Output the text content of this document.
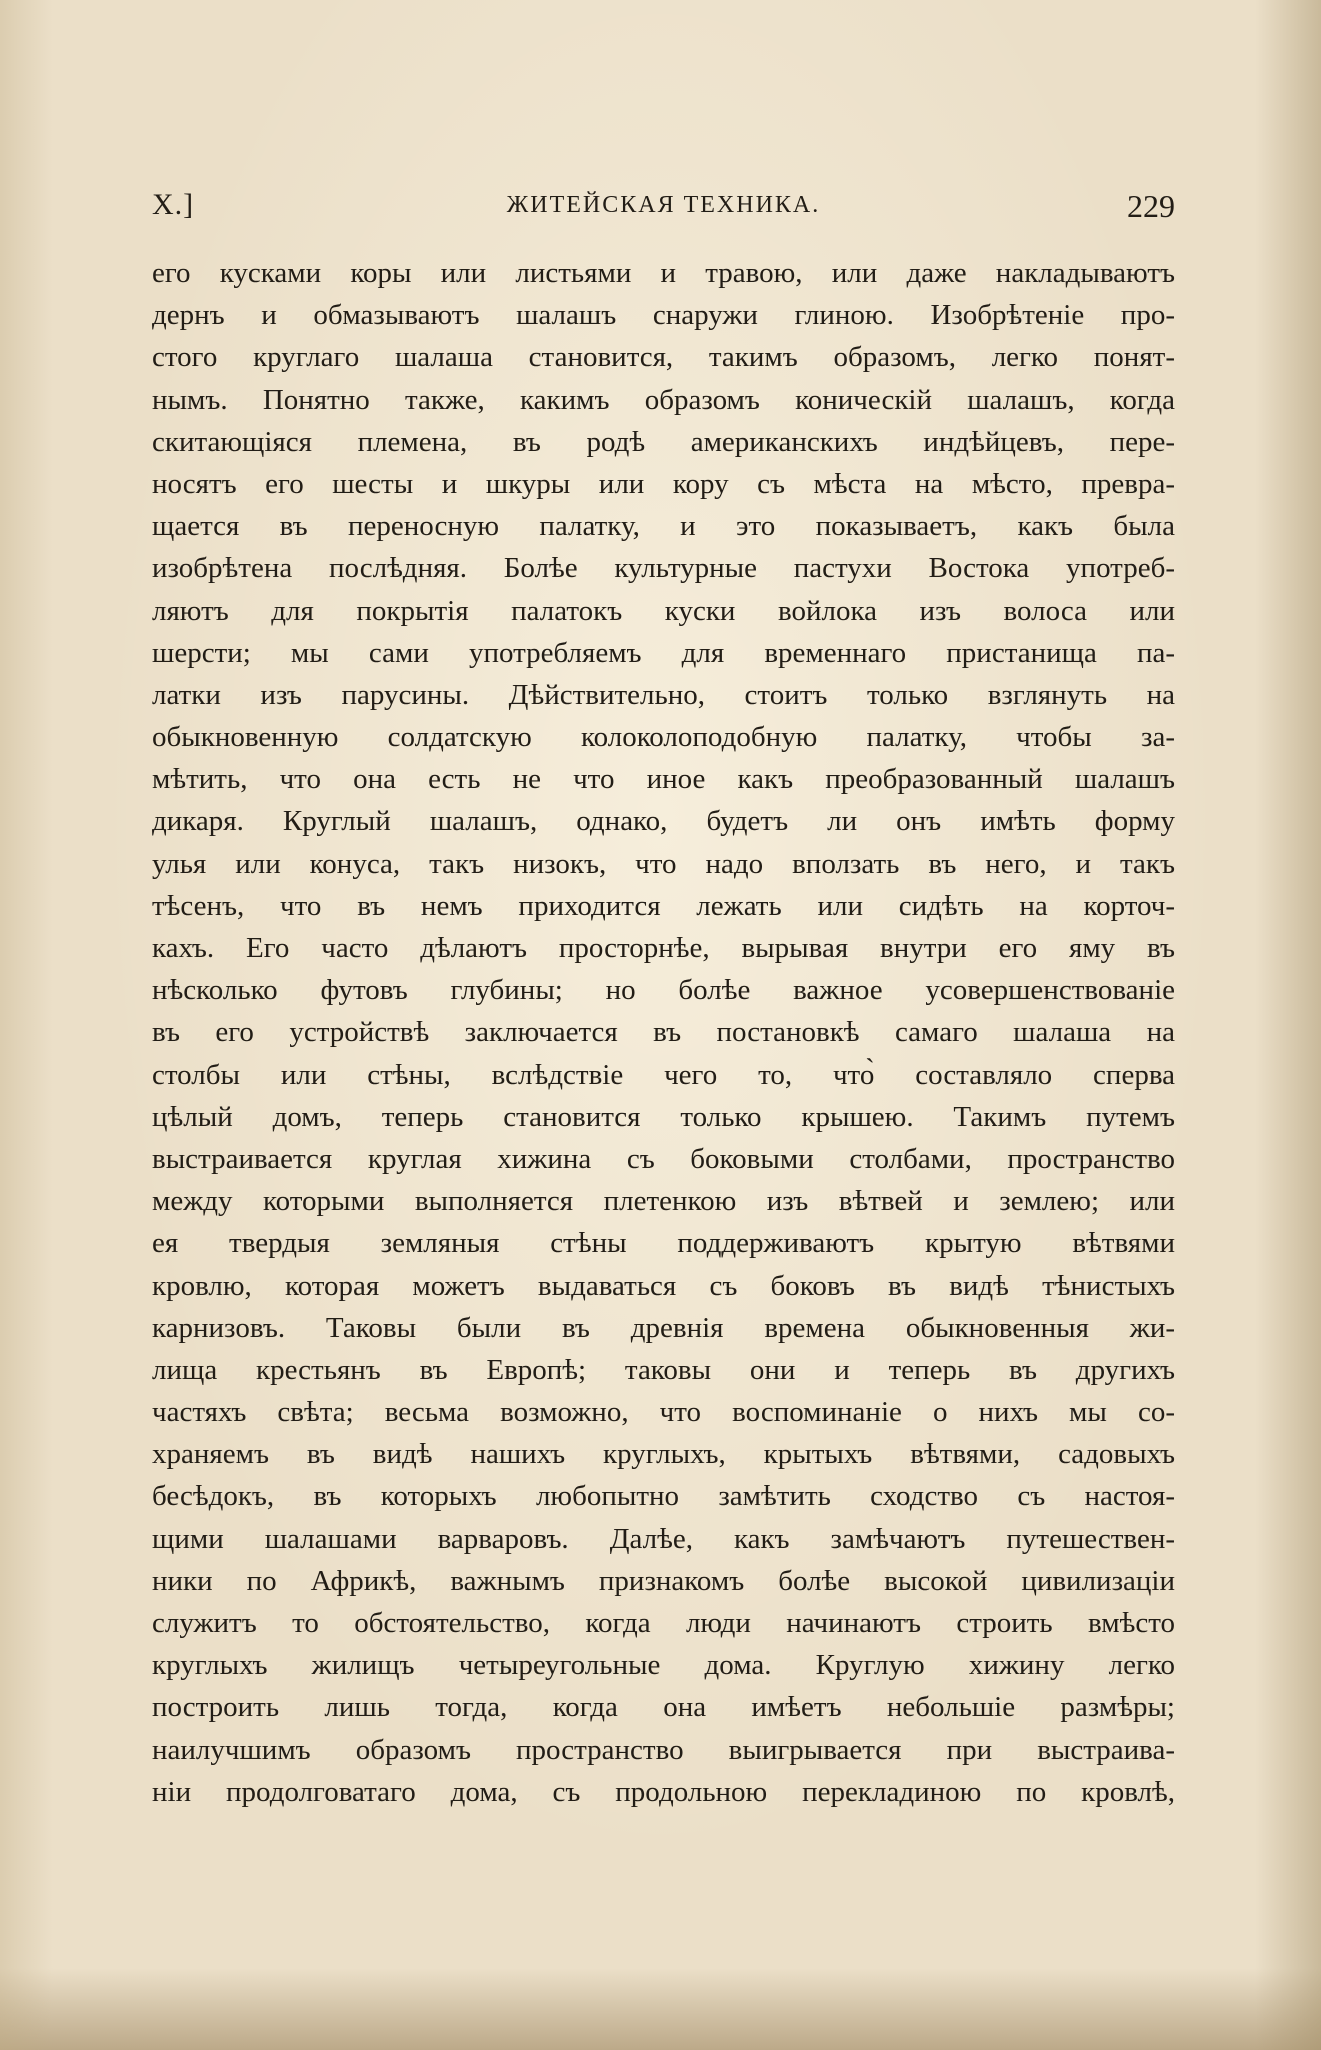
X.]	ЖИТЕЙСКАЯ ТЕХНИКА.	229
его кусками коры или листьями и травою, или даже накладываютъ
дернъ и обмазываютъ шалашъ снаружи глиною. Изобрѣтеніе про-
стого круглаго шалаша становится, такимъ образомъ, легко понят-
нымъ. Понятно также, какимъ образомъ коническій шалашъ, когда
скитающіяся племена, въ родѣ американскихъ индѣйцевъ, пере-
носятъ его шесты и шкуры или кору съ мѣста на мѣсто, превра-
щается въ переносную палатку, и это показываетъ, какъ была
изобрѣтена послѣдняя. Болѣе культурные пастухи Востока употреб-
ляютъ для покрытія палатокъ куски войлока изъ волоса или
шерсти; мы сами употребляемъ для временнаго пристанища па-
латки изъ парусины. Дѣйствительно, стоитъ только взглянуть на
обыкновенную солдатскую колоколоподобную палатку, чтобы за-
мѣтить, что она есть не что иное какъ преобразованный шалашъ
дикаря. Круглый шалашъ, однако, будетъ ли онъ имѣть форму
улья или конуса, такъ низокъ, что надо вползать въ него, и такъ
тѣсенъ, что въ немъ приходится лежать или сидѣть на корточ-
кахъ. Его часто дѣлаютъ просторнѣе, вырывая внутри его яму въ
нѣсколько футовъ глубины; но болѣе важное усовершенствованіе
въ его устройствѣ заключается въ постановкѣ самаго шалаша на
столбы или стѣны, вслѣдствіе чего то, что̀ составляло сперва
цѣлый домъ, теперь становится только крышею. Такимъ путемъ
выстраивается круглая хижина съ боковыми столбами, пространство
между которыми выполняется плетенкою изъ вѣтвей и землею; или
ея твердыя земляныя стѣны поддерживаютъ крытую вѣтвями
кровлю, которая можетъ выдаваться съ боковъ въ видѣ тѣнистыхъ
карнизовъ. Таковы были въ древнія времена обыкновенныя жи-
лища крестьянъ въ Европѣ; таковы они и теперь въ другихъ
частяхъ свѣта; весьма возможно, что воспоминаніе о нихъ мы со-
храняемъ въ видѣ нашихъ круглыхъ, крытыхъ вѣтвями, садовыхъ
бесѣдокъ, въ которыхъ любопытно замѣтить сходство съ настоя-
щими шалашами варваровъ. Далѣе, какъ замѣчаютъ путешествен-
ники по Африкѣ, важнымъ признакомъ болѣе высокой цивилизаціи
служитъ то обстоятельство, когда люди начинаютъ строить вмѣсто
круглыхъ жилищъ четыреугольные дома. Круглую хижину легко
построить лишь тогда, когда она имѣетъ небольшіе размѣры;
наилучшимъ образомъ пространство выигрывается при выстраива-
ніи продолговатаго дома, съ продольною перекладиною по кровлѣ,
